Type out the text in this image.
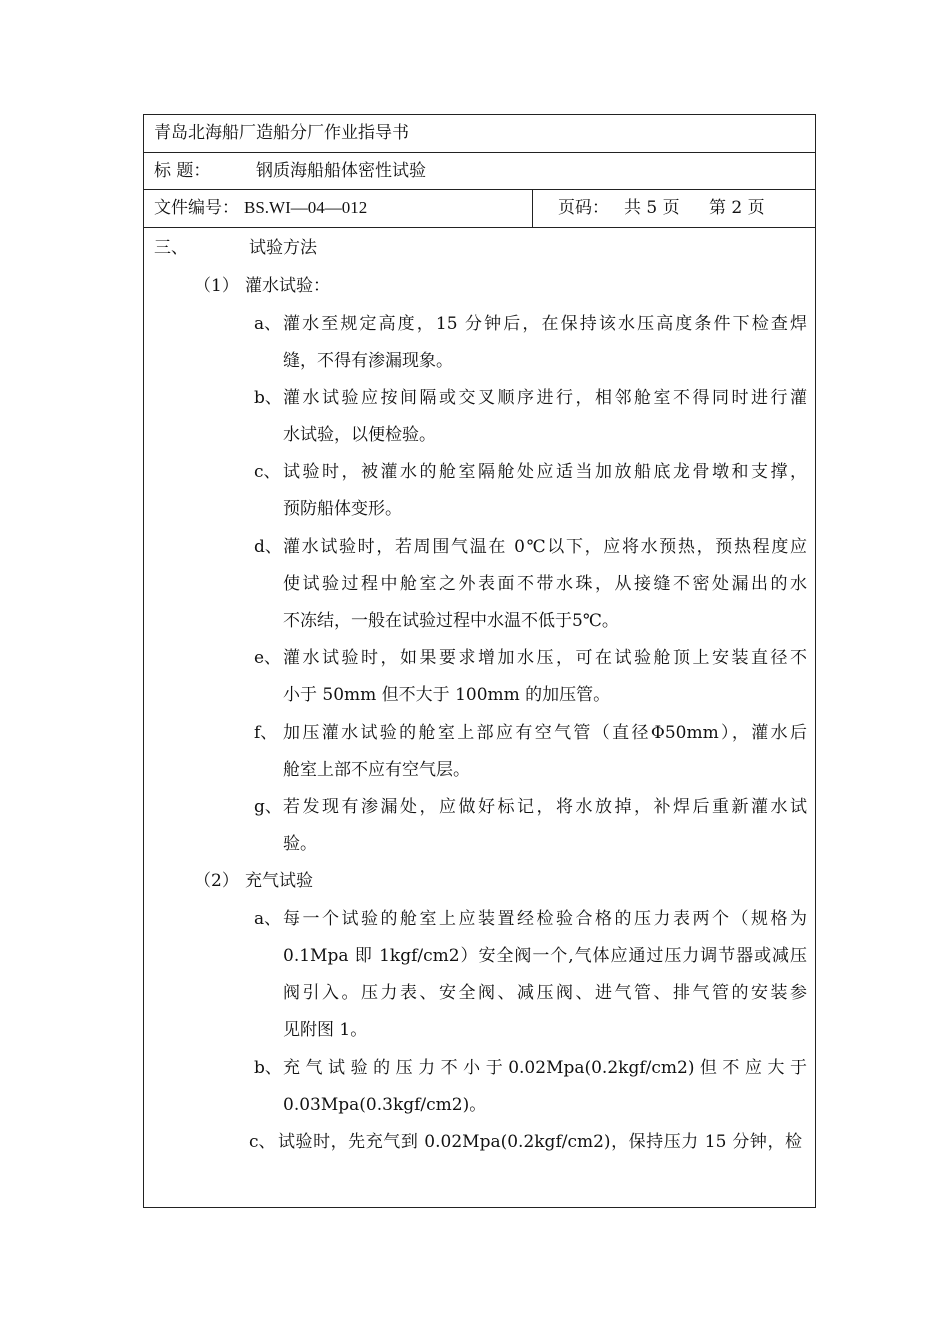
青岛北海船厂造船分厂作业指导书
标 题：	钢质海船船体密性试验
文件编号： BS.WI—04—012	页码： 共 5 页 第 2 页
三、	试验方法
（1） 灌水试验：
a、 灌水至规定高度，15 分钟后，在保持该水压高度条件下检查焊
缝，不得有渗漏现象。
b、 灌水试验应按间隔或交叉顺序进行，相邻舱室不得同时进行灌
水试验，以便检验。
c、 试验时，被灌水的舱室隔舱处应适当加放船底龙骨墩和支撑，
预防船体变形。
d、 灌水试验时，若周围气温在 0℃以下，应将水预热，预热程度应
使试验过程中舱室之外表面不带水珠，从接缝不密处漏出的水
不冻结，一般在试验过程中水温不低于5℃。
e、 灌水试验时，如果要求增加水压，可在试验舱顶上安装直径不
小于 50mm 但不大于 100mm 的加压管。
f、 加压灌水试验的舱室上部应有空气管（直径Φ50mm），灌水后
舱室上部不应有空气层。
g、 若发现有渗漏处，应做好标记，将水放掉，补焊后重新灌水试
验。
（2） 充气试验
a、 每一个试验的舱室上应装置经检验合格的压力表两个（规格为
0.1Mpa 即 1kgf/cm2）安全阀一个,气体应通过压力调节器或减压
阀引入。压力表、安全阀、减压阀、进气管、排气管的安装参
见附图 1。
b、 充 气 试 验 的 压 力 不 小 于 0.02Mpa(0.2kgf/cm2) 但 不 应 大 于
0.03Mpa(0.3kgf/cm2)。
c、 试验时，先充气到 0.02Mpa(0.2kgf/cm2)，保持压力 15 分钟，检
